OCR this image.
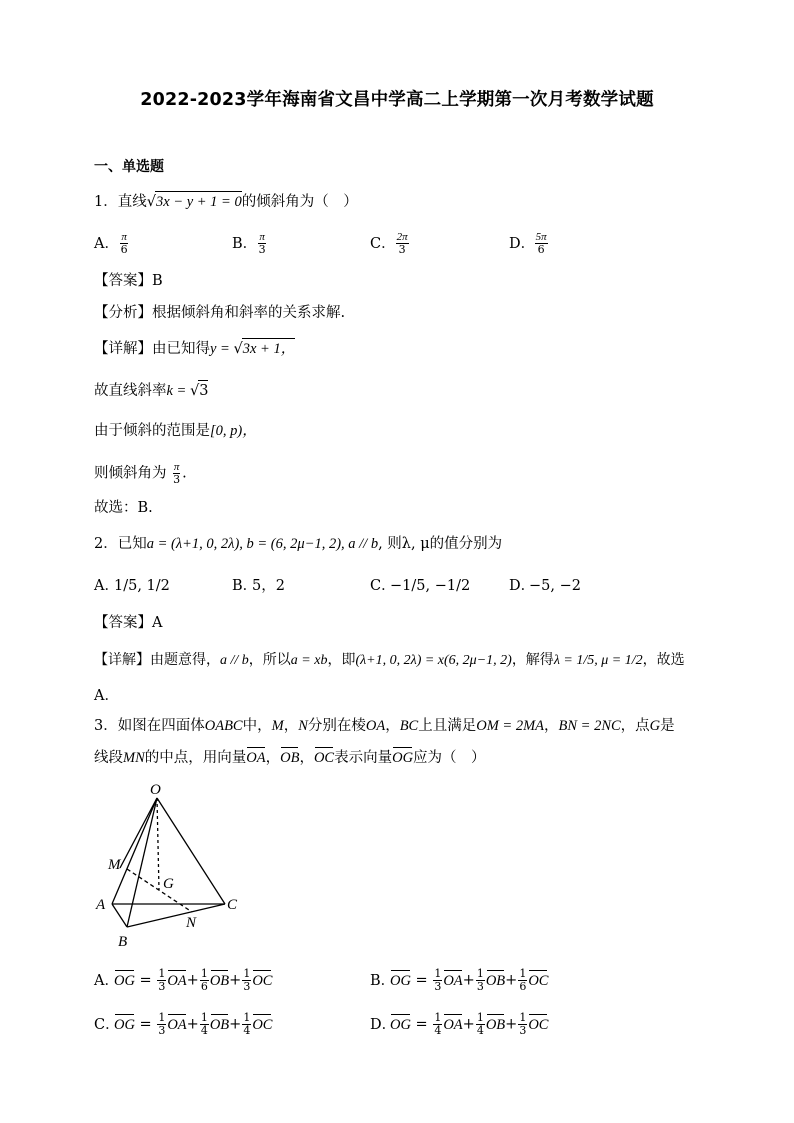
2022-2023学年海南省文昌中学高二上学期第一次月考数学试题
一、单选题
1．直线√3x − y + 1 = 0的倾斜角为（　）
A． $\frac{\pi}{6}$	B． $\frac{\pi}{3}$	C． $\frac{2\pi}{3}$	D． $\frac{5\pi}{6}$
【答案】B
【分析】根据倾斜角和斜率的关系求解.
【详解】由已知得y = √3x + 1，
故直线斜率k = √3
由于倾斜的范围是[0, p)，
则倾斜角为 $\frac{\pi}{3}$ .
故选：B.
2．已知a = (λ+1, 0, 2λ), b = (6, 2μ−1, 2), a // b, 则λ, μ的值分别为
A．1/5, 1/2	B．5，2	C．−1/5, −1/2	D．−5, −2
【答案】A
【详解】由题意得，a // b，所以a = xb，即(λ+1, 0, 2λ) = x(6, 2μ−1, 2)，解得λ = 1/5, μ = 1/2，故选
A．
3．如图在四面体OABC中，M，N分别在棱OA，BC上且满足OM = 2MA，BN = 2NC，点G是
线段MN的中点，用向量OA，OB，OC表示向量OG应为（　）
O
M
G
A	C
N
B
A．OG = $\frac{1}{3} OA+ \frac{1}{6} OB+ \frac{1}{3}$ OC	B．OG = $\frac{1}{3} OA+ \frac{1}{3} OB+ \frac{1}{6}$ OC
C．OG = $\frac{1}{3} OA+ \frac{1}{4} OB+ \frac{1}{4}$ OC	D．OG = $\frac{1}{4} OA+ \frac{1}{4} OB+ \frac{1}{3}$ OC
